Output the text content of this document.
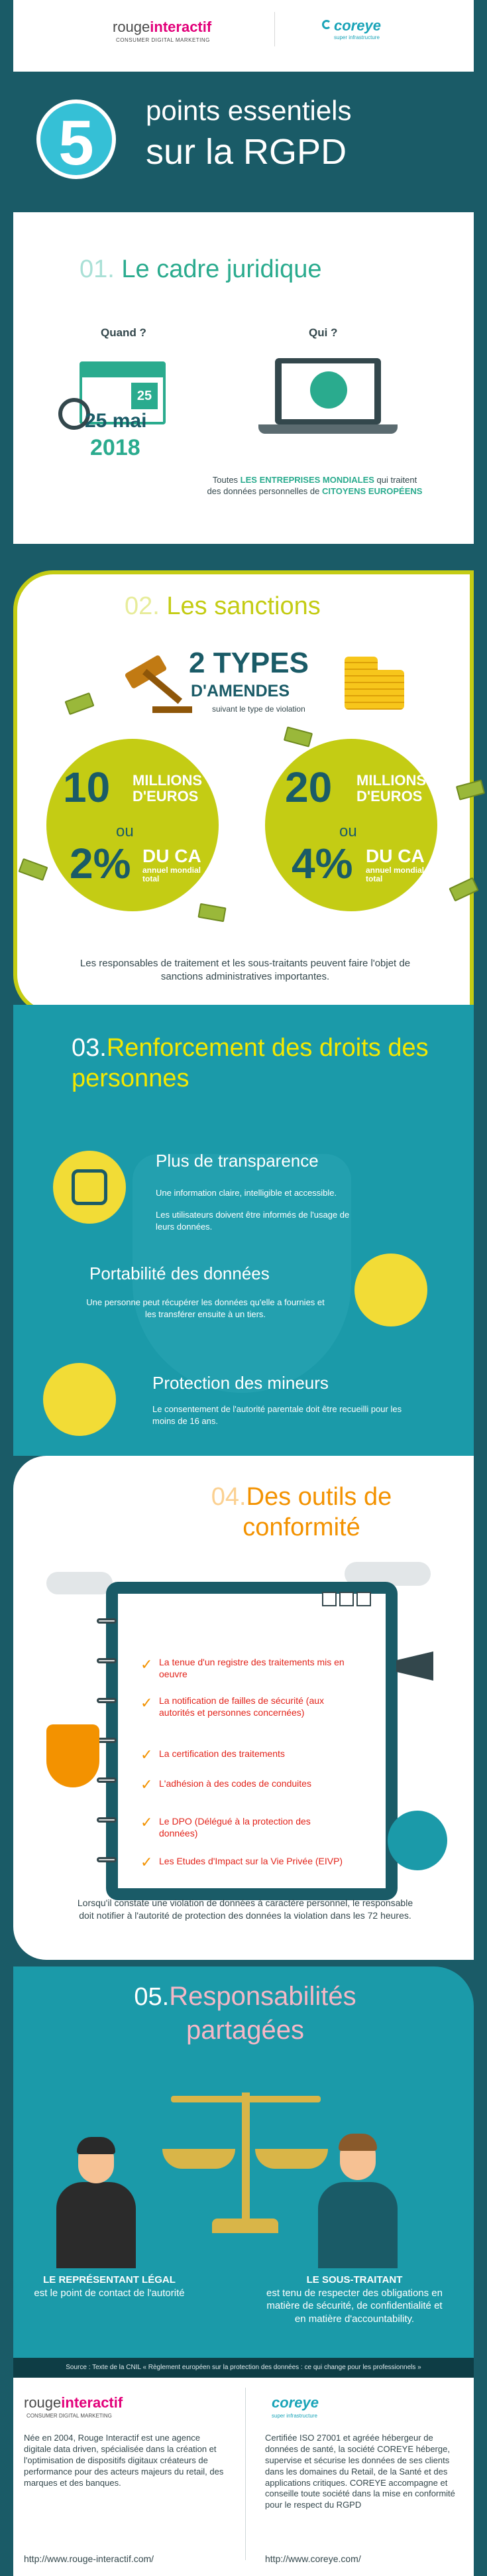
rougeinteractif
CONSUMER DIGITAL MARKETING
coreye
super infrastructure
5	points essentiels
sur la RGPD
01. Le cadre juridique
Quand ?	Qui ?
25
25 mai
2018
Toutes LES ENTREPRISES MONDIALES qui traitent des données personnelles de CITOYENS EUROPÉENS
02. Les sanctions
2 TYPES
D'AMENDES
suivant le type de violation
10 MILLIONS
D'EUROS
ou
2% DU CA
annuel mondial
total
20 MILLIONS
D'EUROS
ou
4% DU CA
annuel mondial
total
Les responsables de traitement et les sous-traitants peuvent faire l'objet de sanctions administratives importantes.
03.Renforcement des droits des personnes
Plus de transparence
Une information claire, intelligible et accessible.
Les utilisateurs doivent être informés de l'usage de leurs données.
Portabilité des données
Une personne peut récupérer les données qu'elle a fournies et les transférer ensuite à un tiers.
Protection des mineurs
Le consentement de l'autorité parentale doit être recueilli pour les moins de 16 ans.
04.Des outils de conformité
✓ La tenue d'un registre des traitements mis en oeuvre
✓ La notification de failles de sécurité (aux autorités et personnes concernées)
✓ La certification des traitements
✓ L'adhésion à des codes de conduites
✓ Le DPO (Délégué à la protection des données)
✓ Les Etudes d'Impact sur la Vie Privée (EIVP)
Lorsqu'il constate une violation de données à caractère personnel, le responsable doit notifier à l'autorité de protection des données la violation dans les 72 heures.
05.Responsabilités partagées
LE REPRÉSENTANT LÉGAL
est le point de contact de l'autorité
LE SOUS-TRAITANT
est tenu de respecter des obligations en matière de sécurité, de confidentialité et en matière d'accountability.
Source : Texte de la CNIL « Règlement européen sur la protection des données : ce qui change pour les professionnels »
rougeinteractif
CONSUMER DIGITAL MARKETING
Née en 2004, Rouge Interactif est une agence digitale data driven, spécialisée dans la création et l'optimisation de dispositifs digitaux créateurs de performance pour des acteurs majeurs du retail, des marques et des banques.
http://www.rouge-interactif.com/
coreye
super infrastructure
Certifiée ISO 27001 et agréée hébergeur de données de santé, la société COREYE héberge, supervise et sécurise les données de ses clients dans les domaines du Retail, de la Santé et des applications critiques. COREYE accompagne et conseille toute société dans la mise en conformité pour le respect du RGPD
http://www.coreye.com/
